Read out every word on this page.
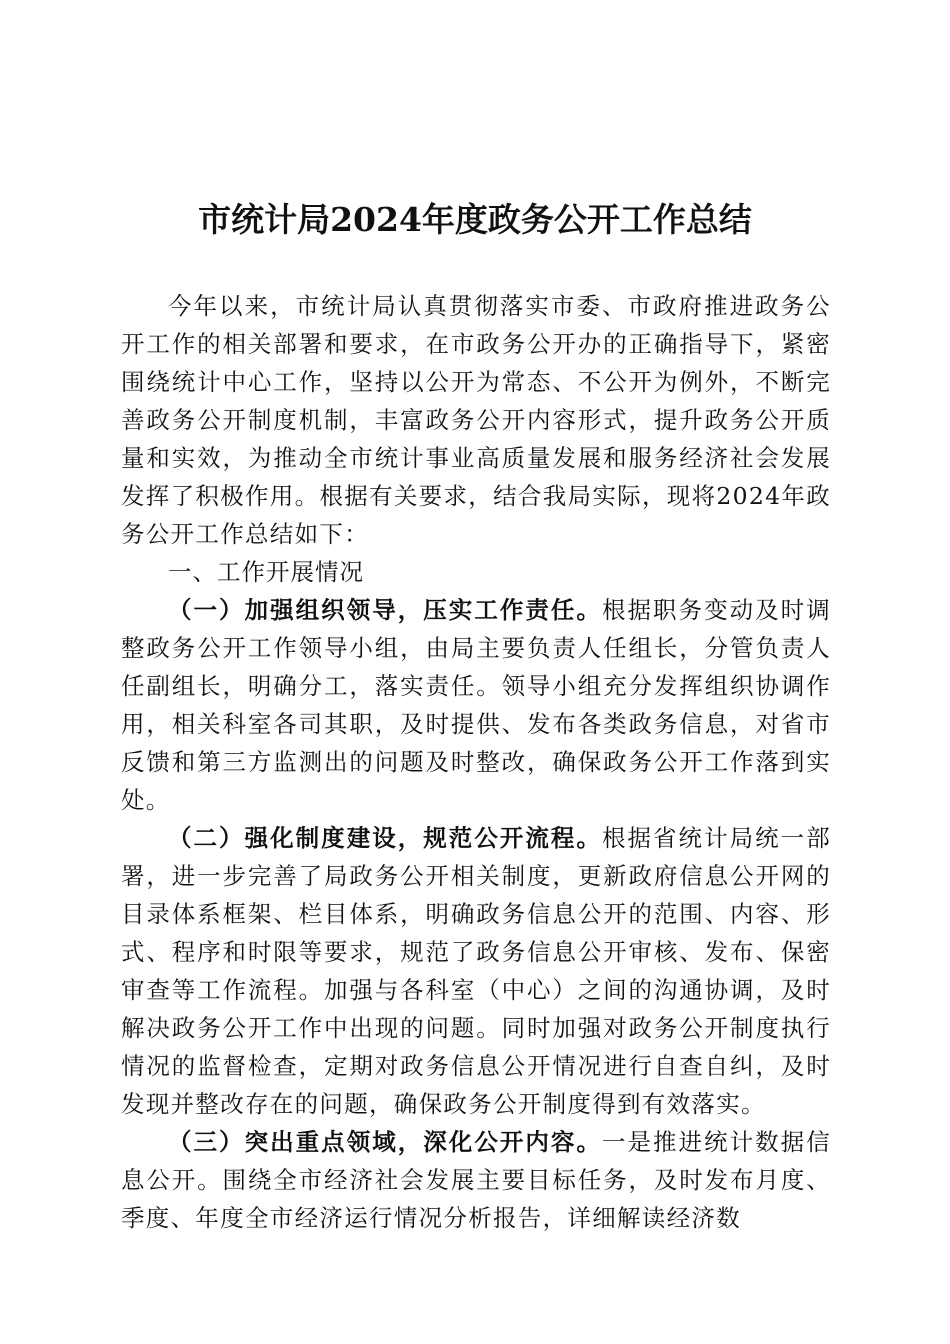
市统计局2024年度政务公开工作总结

今年以来，市统计局认真贯彻落实市委、市政府推进政务公开工作的相关部署和要求，在市政务公开办的正确指导下，紧密围绕统计中心工作，坚持以公开为常态、不公开为例外，不断完善政务公开制度机制，丰富政务公开内容形式，提升政务公开质量和实效，为推动全市统计事业高质量发展和服务经济社会发展发挥了积极作用。根据有关要求，结合我局实际，现将2024年政务公开工作总结如下：

一、工作开展情况

（一）加强组织领导，压实工作责任。根据职务变动及时调整政务公开工作领导小组，由局主要负责人任组长，分管负责人任副组长，明确分工，落实责任。领导小组充分发挥组织协调作用，相关科室各司其职，及时提供、发布各类政务信息，对省市反馈和第三方监测出的问题及时整改，确保政务公开工作落到实处。

（二）强化制度建设，规范公开流程。根据省统计局统一部署，进一步完善了局政务公开相关制度，更新政府信息公开网的目录体系框架、栏目体系，明确政务信息公开的范围、内容、形式、程序和时限等要求，规范了政务信息公开审核、发布、保密审查等工作流程。加强与各科室（中心）之间的沟通协调，及时解决政务公开工作中出现的问题。同时加强对政务公开制度执行情况的监督检查，定期对政务信息公开情况进行自查自纠，及时发现并整改存在的问题，确保政务公开制度得到有效落实。

（三）突出重点领域，深化公开内容。一是推进统计数据信息公开。围绕全市经济社会发展主要目标任务，及时发布月度、季度、年度全市经济运行情况分析报告，详细解读经济数
